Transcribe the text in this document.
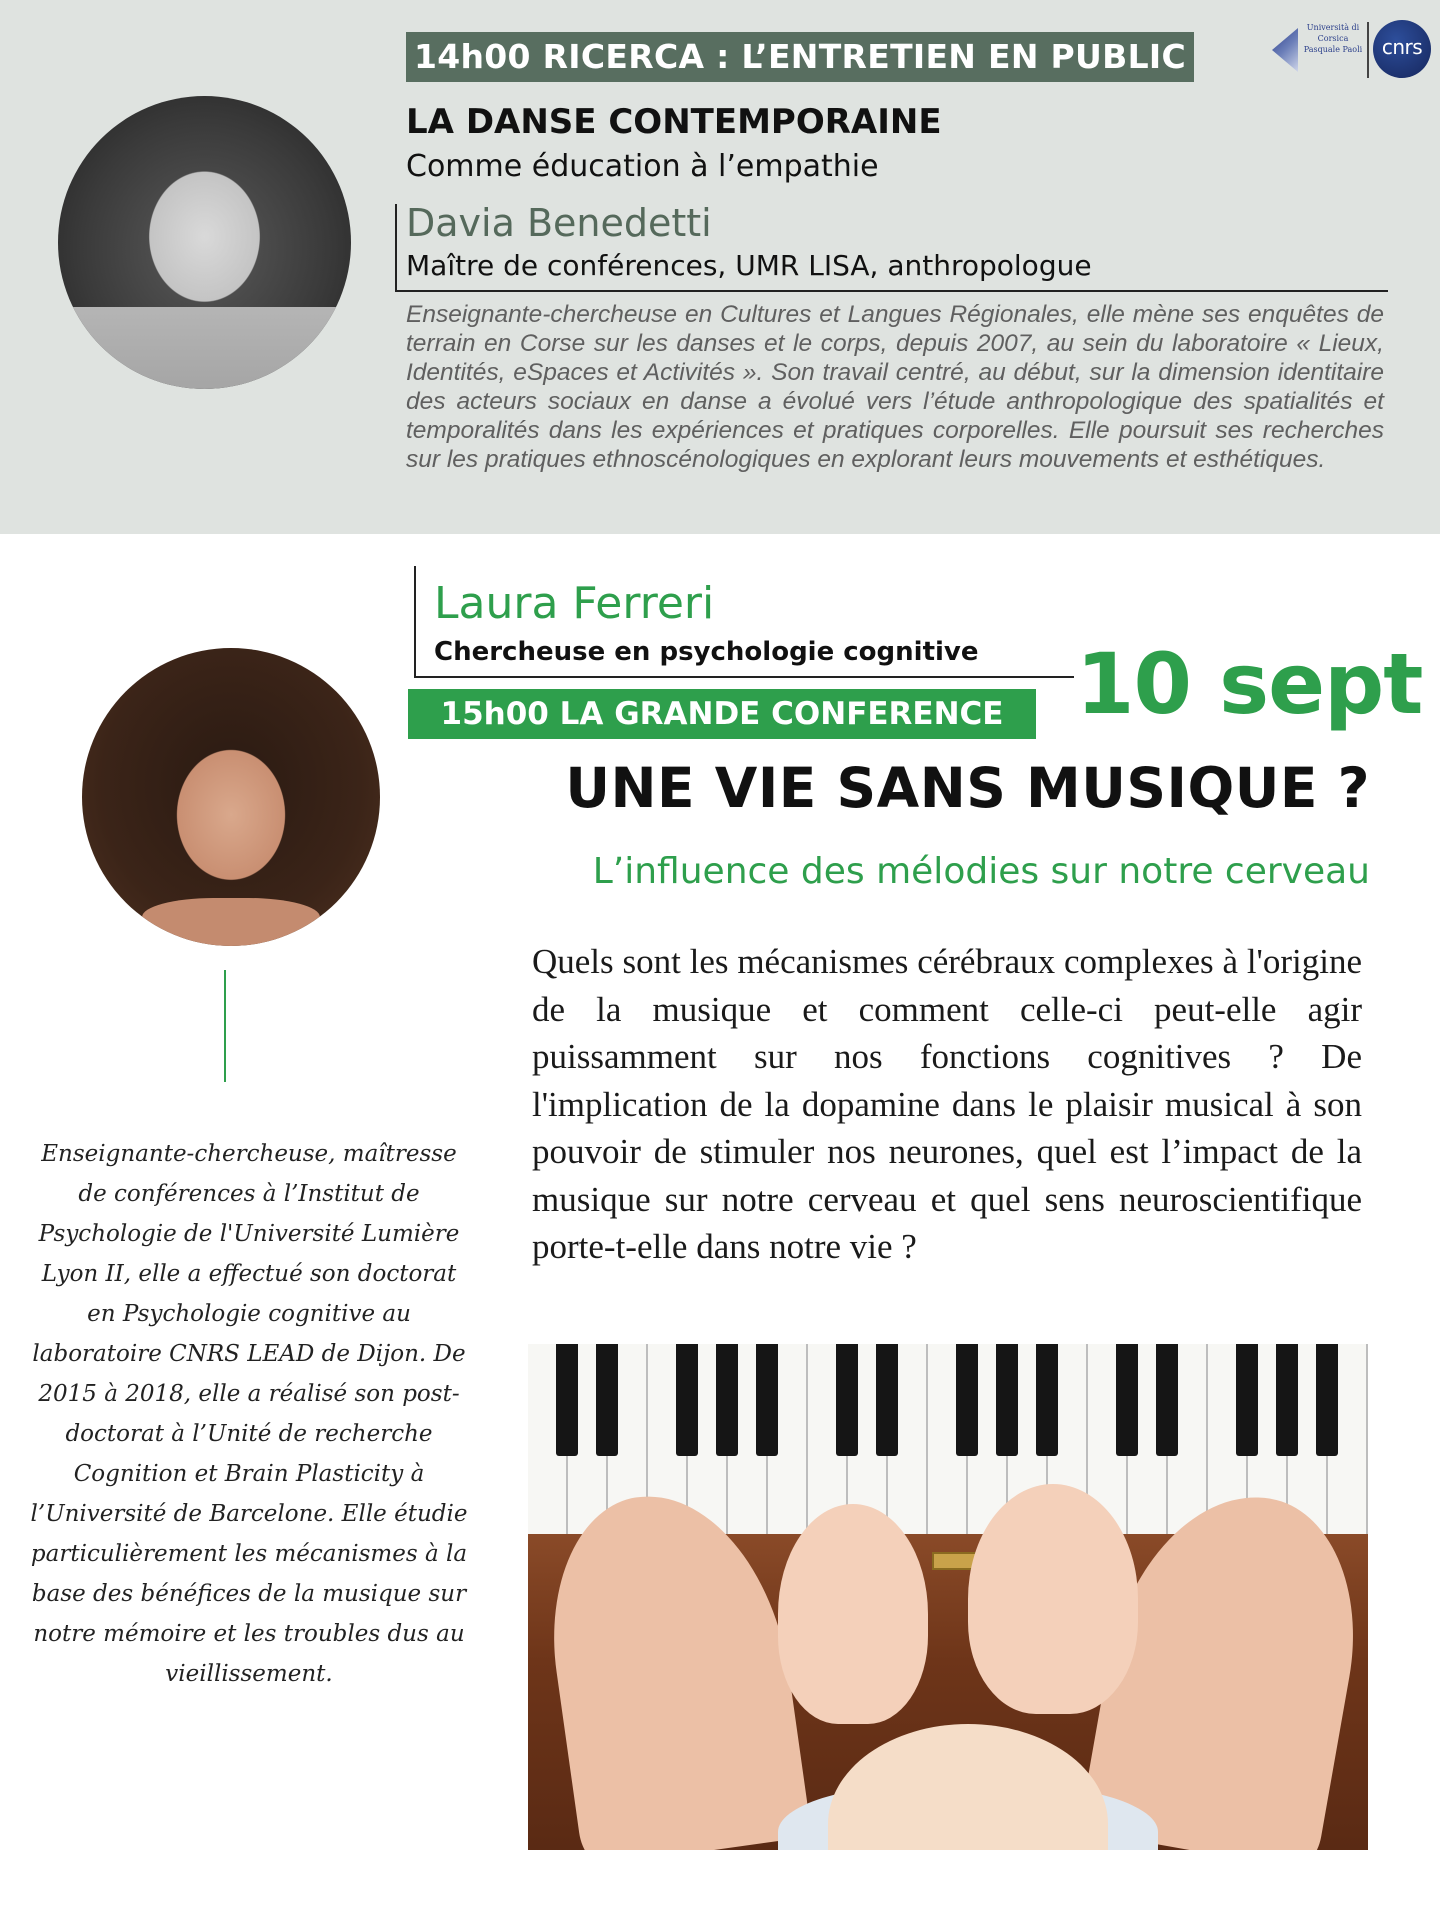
14h00 RICERCA : L’ENTRETIEN EN PUBLIC
Università di Corsica Pasquale Paoli cnrs
LA DANSE CONTEMPORAINE
Comme éducation à l’empathie
Davia Benedetti
Maître de conférences, UMR LISA, anthropologue
Enseignante-chercheuse en Cultures et Langues Régionales, elle mène ses enquêtes de terrain en Corse sur les danses et le corps, depuis 2007, au sein du laboratoire « Lieux, Identités, eSpaces et Activités ». Son travail centré, au début, sur la dimension identitaire des acteurs sociaux en danse a évolué vers l’étude anthropologique des spatialités et temporalités dans les expériences et pratiques corporelles. Elle poursuit ses recherches sur les pratiques ethnoscénologiques en explorant leurs mouvements et esthétiques.
Laura Ferreri
Chercheuse en psychologie cognitive 10 sept
15h00 LA GRANDE CONFERENCE
UNE VIE SANS MUSIQUE ?
L’influence des mélodies sur notre cerveau
Enseignante-chercheuse, maîtresse de conférences à l’Institut de Psychologie de l'Université Lumière Lyon II, elle a effectué son doctorat en Psychologie cognitive au laboratoire CNRS LEAD de Dijon. De 2015 à 2018, elle a réalisé son post-doctorat à l’Unité de recherche Cognition et Brain Plasticity à l’Université de Barcelone. Elle étudie particulièrement les mécanismes à la base des bénéfices de la musique sur notre mémoire et les troubles dus au vieillissement.
Quels sont les mécanismes cérébraux complexes à l'origine de la musique et comment celle-ci peut-elle agir puissamment sur nos fonctions cognitives ? De l'implication de la dopamine dans le plaisir musical à son pouvoir de stimuler nos neurones, quel est l’impact de la musique sur notre cerveau et quel sens neuroscientifique porte-t-elle dans notre vie ?
